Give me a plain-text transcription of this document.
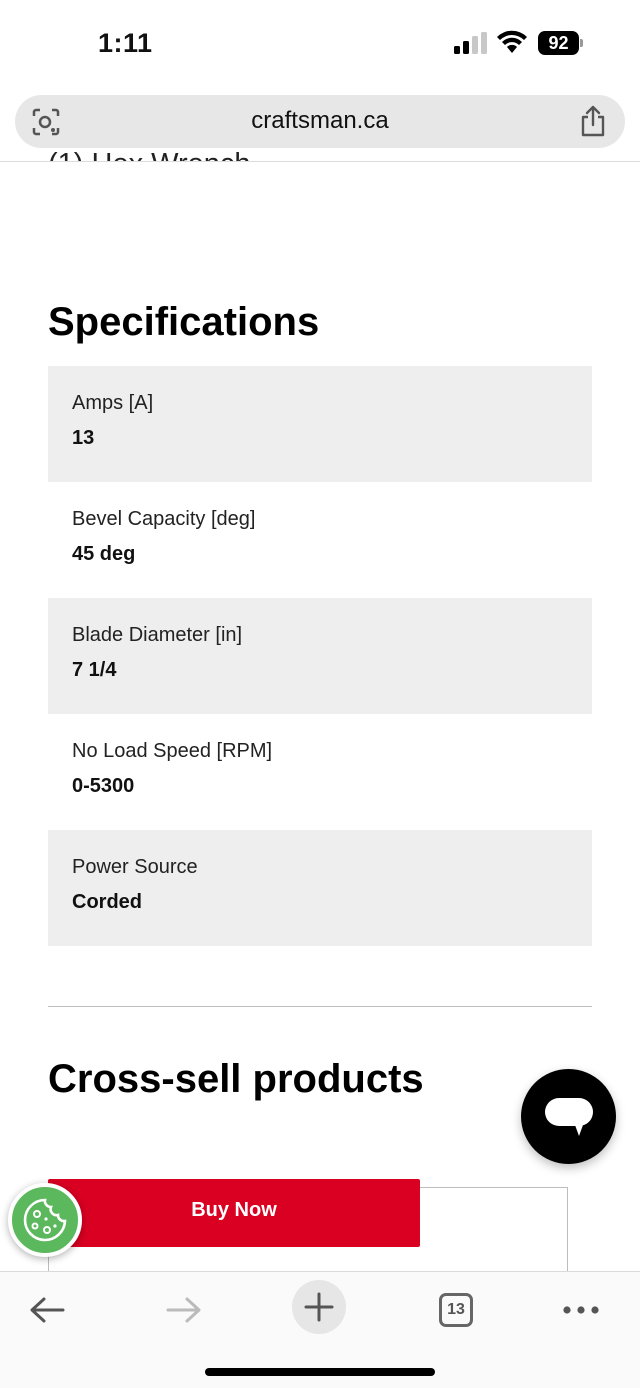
1:11	92
craftsman.ca
Specifications
Amps [A]
13
Bevel Capacity [deg]
45 deg
Blade Diameter [in]
7 1/4
No Load Speed [RPM]
0-5300
Power Source
Corded
Cross-sell products
Buy Now
13
